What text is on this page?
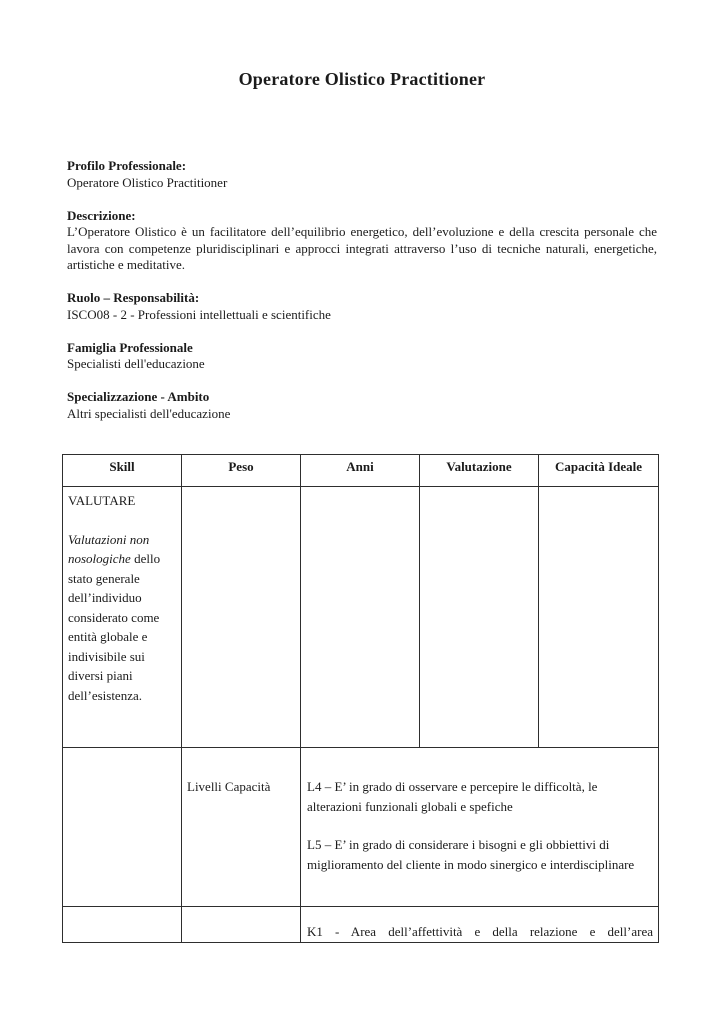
Operatore Olistico Practitioner
Profilo Professionale:
Operatore Olistico Practitioner
Descrizione:
L’Operatore Olistico è un facilitatore dell’equilibrio energetico, dell’evoluzione e della crescita personale che lavora con competenze pluridisciplinari e approcci integrati attraverso l’uso di tecniche naturali, energetiche, artistiche e meditative.
Ruolo – Responsabilità:
ISCO08 - 2 - Professioni intellettuali e scientifiche
Famiglia Professionale
Specialisti dell'educazione
Specializzazione - Ambito
Altri specialisti dell'educazione
Skill	Peso	Anni	Valutazione	Capacità Ideale

VALUTARE
Valutazioni non nosologiche dello stato generale dell’individuo considerato come entità globale e indivisibile sui diversi piani dell’esistenza.				

	Livelli Capacità	L4 – E’ in grado di osservare e percepire le difficoltà, le alterazioni funzionali globali e spefiche

L5 – E’ in grado di considerare i bisogni e gli obbiettivi di miglioramento del cliente in modo sinergico e interdisciplinare		

		K1 - Area dell’affettività e della relazione e dell’area		
